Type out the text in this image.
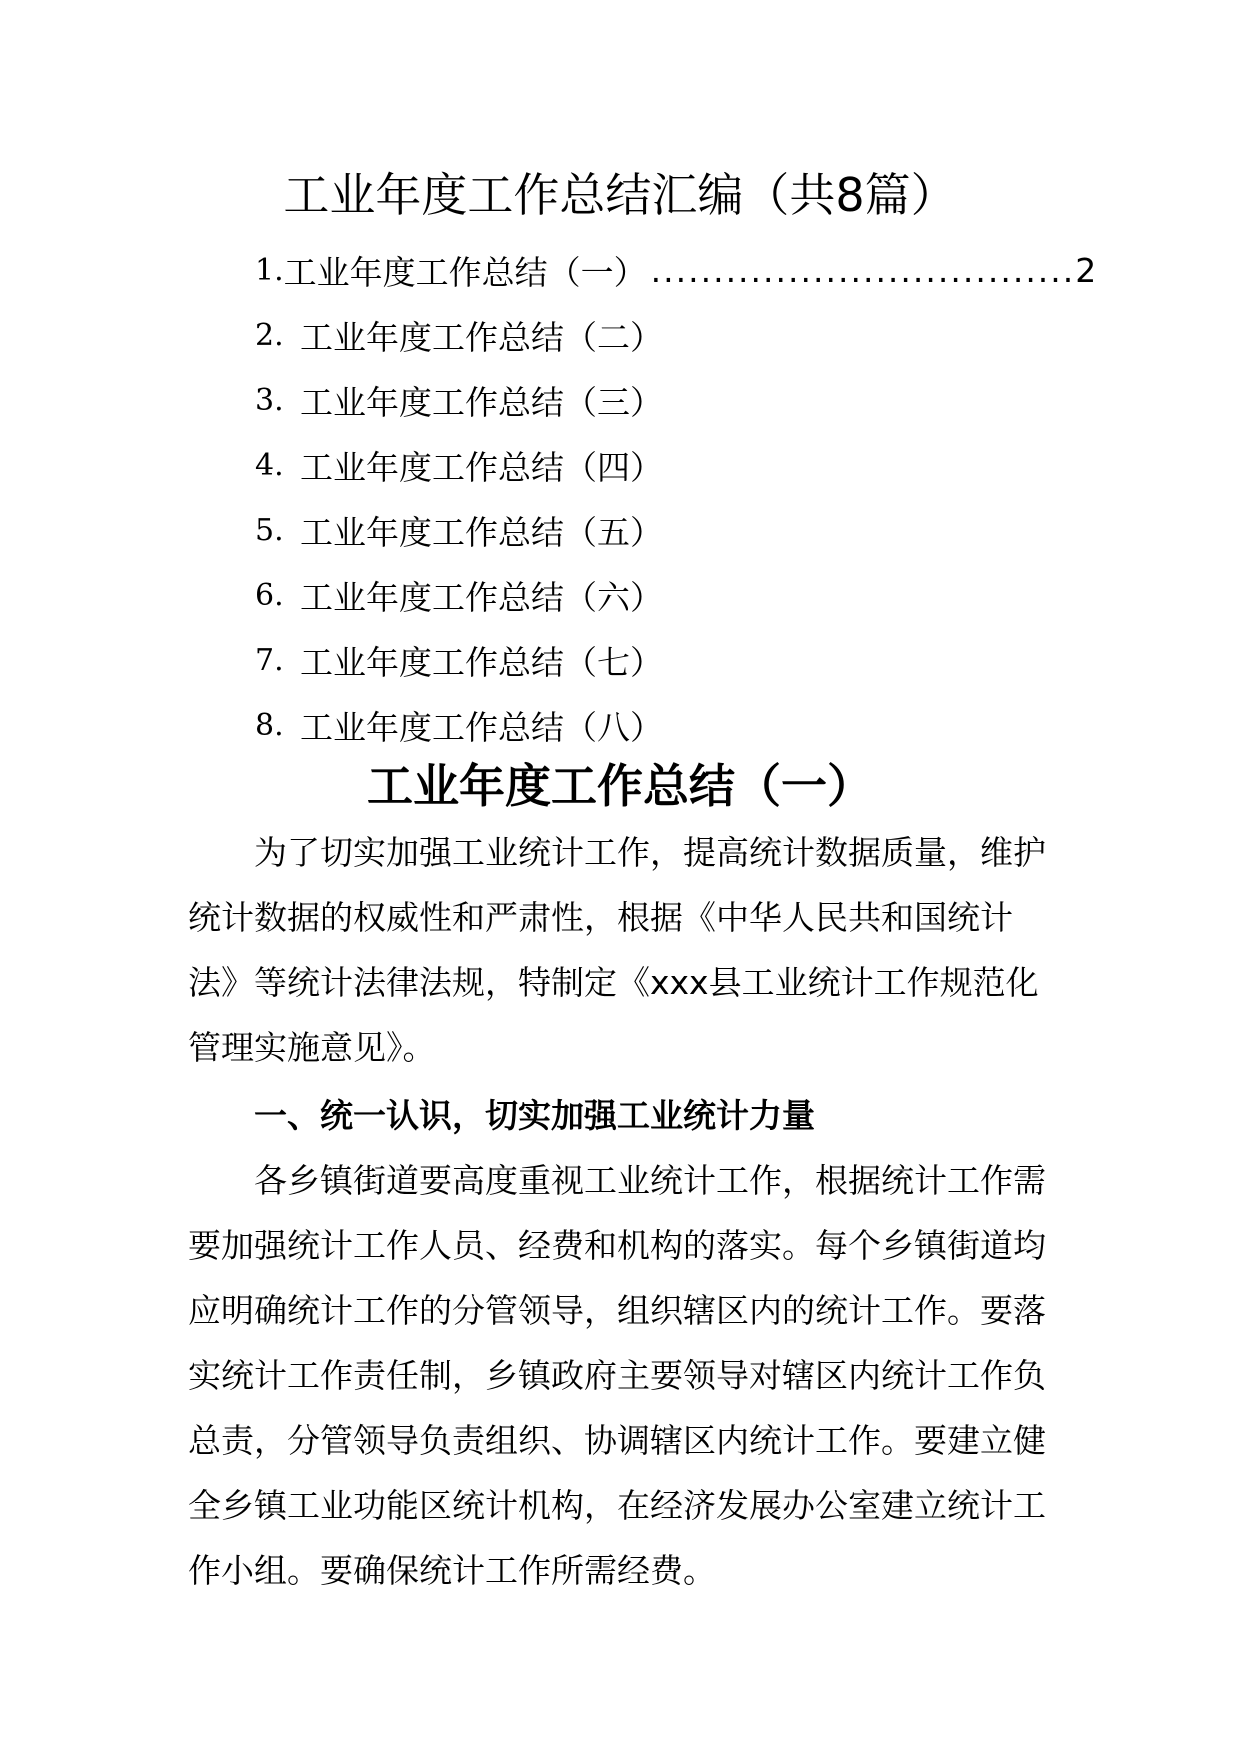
工业年度工作总结汇编（共8篇）
1. 工业年度工作总结（一） .................................. 2
2. 工业年度工作总结（二）
3. 工业年度工作总结（三）
4. 工业年度工作总结（四）
5. 工业年度工作总结（五）
6. 工业年度工作总结（六）
7. 工业年度工作总结（七）
8. 工业年度工作总结（八）
工业年度工作总结（一）

为了切实加强工业统计工作，提高统计数据质量，维护统计数据的权威性和严肃性，根据《中华人民共和国统计法》等统计法律法规，特制定《xxx县工业统计工作规范化管理实施意见》。

一、统一认识，切实加强工业统计力量

各乡镇街道要高度重视工业统计工作，根据统计工作需要加强统计工作人员、经费和机构的落实。每个乡镇街道均应明确统计工作的分管领导，组织辖区内的统计工作。要落实统计工作责任制，乡镇政府主要领导对辖区内统计工作负总责，分管领导负责组织、协调辖区内统计工作。要建立健全乡镇工业功能区统计机构，在经济发展办公室建立统计工作小组。要确保统计工作所需经费。
